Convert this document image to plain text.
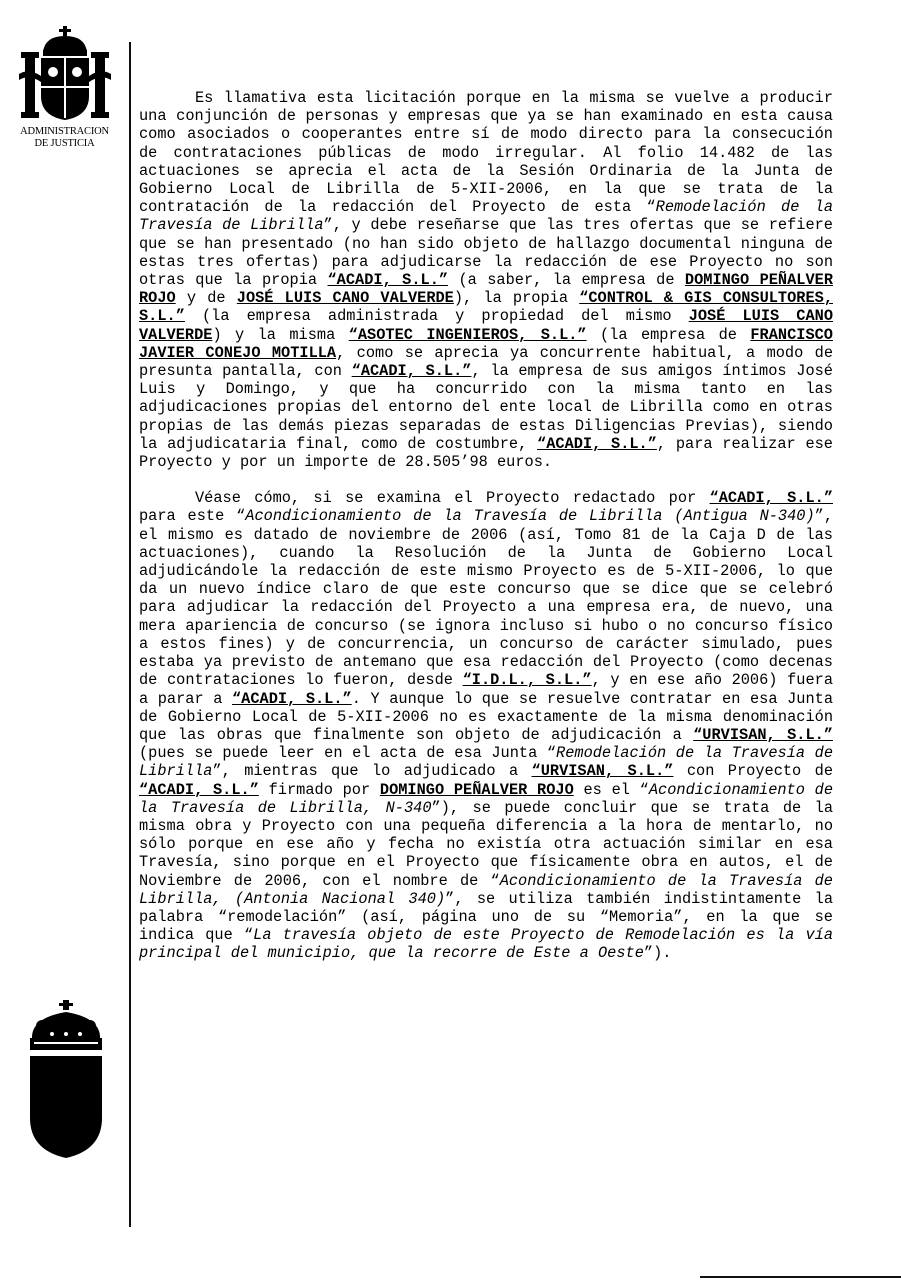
ADMINISTRACION
DE JUSTICIA

Es llamativa esta licitación porque en la misma se vuelve a producir una conjunción de personas y empresas que ya se han examinado en esta causa como asociados o cooperantes entre sí de modo directo para la consecución de contrataciones públicas de modo irregular. Al folio 14.482 de las actuaciones se aprecia el acta de la Sesión Ordinaria de la Junta de Gobierno Local de Librilla de 5-XII-2006, en la que se trata de la contratación de la redacción del Proyecto de esta “Remodelación de la Travesía de Librilla”, y debe reseñarse que las tres ofertas que se refiere que se han presentado (no han sido objeto de hallazgo documental ninguna de estas tres ofertas) para adjudicarse la redacción de ese Proyecto no son otras que la propia “ACADI, S.L.” (a saber, la empresa de DOMINGO PEÑALVER ROJO y de JOSÉ LUIS CANO VALVERDE), la propia “CONTROL & GIS CONSULTORES, S.L.” (la empresa administrada y propiedad del mismo JOSÉ LUIS CANO VALVERDE) y la misma “ASOTEC INGENIEROS, S.L.” (la empresa de FRANCISCO JAVIER CONEJO MOTILLA, como se aprecia ya concurrente habitual, a modo de presunta pantalla, con “ACADI, S.L.”, la empresa de sus amigos íntimos José Luis y Domingo, y que ha concurrido con la misma tanto en las adjudicaciones propias del entorno del ente local de Librilla como en otras propias de las demás piezas separadas de estas Diligencias Previas), siendo la adjudicataria final, como de costumbre, “ACADI, S.L.”, para realizar ese Proyecto y por un importe de 28.505’98 euros.

Véase cómo, si se examina el Proyecto redactado por “ACADI, S.L.” para este “Acondicionamiento de la Travesía de Librilla (Antigua N-340)”, el mismo es datado de noviembre de 2006 (así, Tomo 81 de la Caja D de las actuaciones), cuando la Resolución de la Junta de Gobierno Local adjudicándole la redacción de este mismo Proyecto es de 5-XII-2006, lo que da un nuevo índice claro de que este concurso que se dice que se celebró para adjudicar la redacción del Proyecto a una empresa era, de nuevo, una mera apariencia de concurso (se ignora incluso si hubo o no concurso físico a estos fines) y de concurrencia, un concurso de carácter simulado, pues estaba ya previsto de antemano que esa redacción del Proyecto (como decenas de contrataciones lo fueron, desde “I.D.L., S.L.”, y en ese año 2006) fuera a parar a “ACADI, S.L.”. Y aunque lo que se resuelve contratar en esa Junta de Gobierno Local de 5-XII-2006 no es exactamente de la misma denominación que las obras que finalmente son objeto de adjudicación a “URVISAN, S.L.” (pues se puede leer en el acta de esa Junta “Remodelación de la Travesía de Librilla”, mientras que lo adjudicado a “URVISAN, S.L.” con Proyecto de “ACADI, S.L.” firmado por DOMINGO PEÑALVER ROJO es el “Acondicionamiento de la Travesía de Librilla, N-340”), se puede concluir que se trata de la misma obra y Proyecto con una pequeña diferencia a la hora de mentarlo, no sólo porque en ese año y fecha no existía otra actuación similar en esa Travesía, sino porque en el Proyecto que físicamente obra en autos, el de Noviembre de 2006, con el nombre de “Acondicionamiento de la Travesía de Librilla, (Antonia Nacional 340)”, se utiliza también indistintamente la palabra “remodelación” (así, página uno de su “Memoria”, en la que se indica que “La travesía objeto de este Proyecto de Remodelación es la vía principal del municipio, que la recorre de Este a Oeste”).
